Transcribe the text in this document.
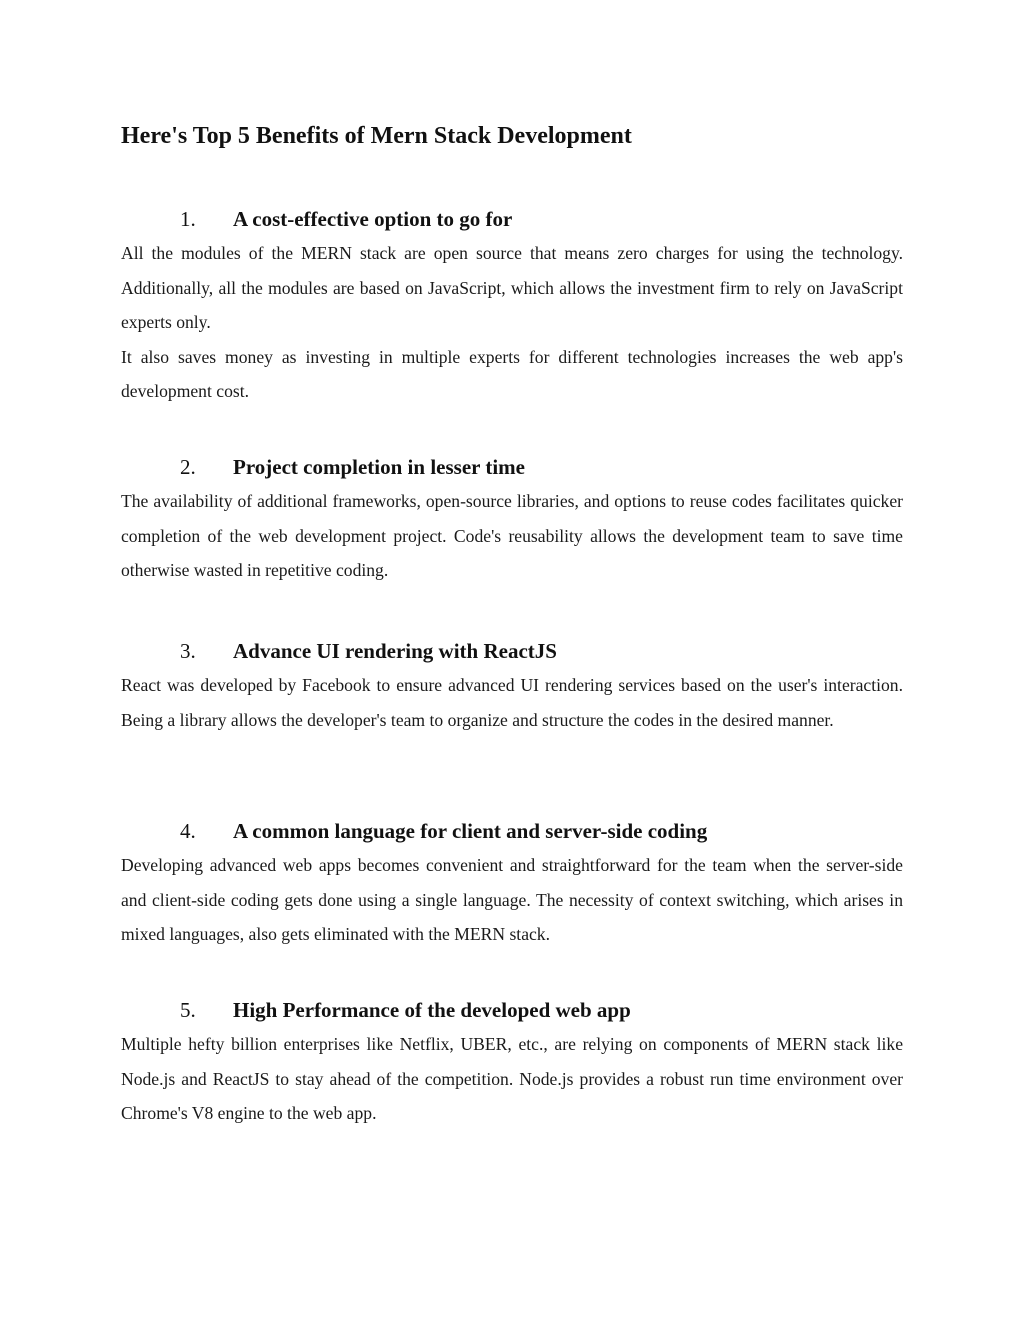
Here's Top 5 Benefits of Mern Stack Development
1. A cost-effective option to go for

All the modules of the MERN stack are open source that means zero charges for using the technology. Additionally, all the modules are based on JavaScript, which allows the investment firm to rely on JavaScript experts only.

It also saves money as investing in multiple experts for different technologies increases the web app's development cost.

2. Project completion in lesser time

The availability of additional frameworks, open-source libraries, and options to reuse codes facilitates quicker completion of the web development project. Code's reusability allows the development team to save time otherwise wasted in repetitive coding.

3. Advance UI rendering with ReactJS

React was developed by Facebook to ensure advanced UI rendering services based on the user's interaction. Being a library allows the developer's team to organize and structure the codes in the desired manner.

4. A common language for client and server-side coding

Developing advanced web apps becomes convenient and straightforward for the team when the server-side and client-side coding gets done using a single language. The necessity of context switching, which arises in mixed languages, also gets eliminated with the MERN stack.

5. High Performance of the developed web app

Multiple hefty billion enterprises like Netflix, UBER, etc., are relying on components of MERN stack like Node.js and ReactJS to stay ahead of the competition. Node.js provides a robust run time environment over Chrome's V8 engine to the web app.
